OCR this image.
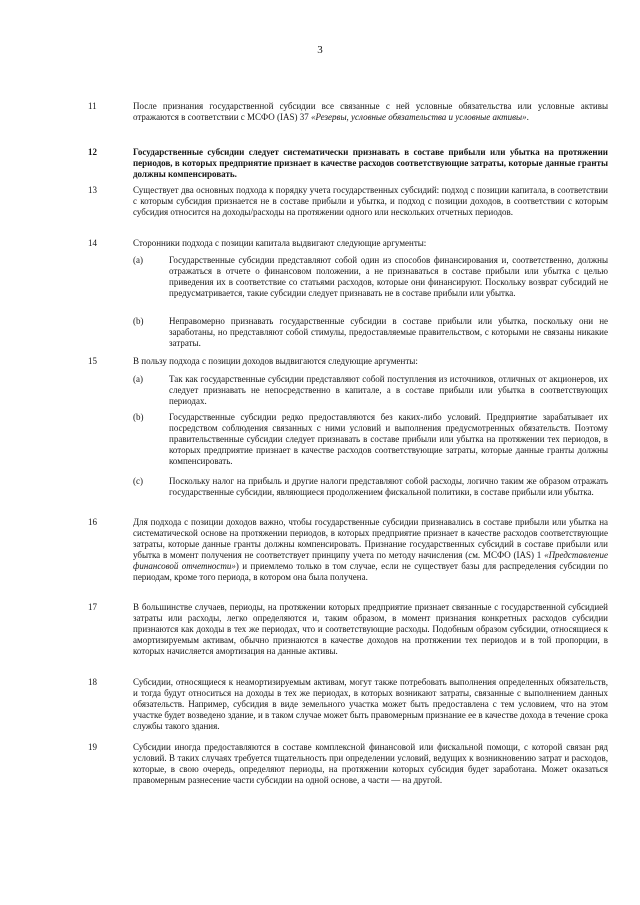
3
11	После признания государственной субсидии все связанные с ней условные обязательства или условные активы отражаются в соответствии с МСФО (IAS) 37 «Резервы, условные обязательства и условные активы».
12	Государственные субсидии следует систематически признавать в составе прибыли или убытка на протяжении периодов, в которых предприятие признает в качестве расходов соответствующие затраты, которые данные гранты должны компенсировать.
13	Существует два основных подхода к порядку учета государственных субсидий: подход с позиции капитала, в соответствии с которым субсидия признается не в составе прибыли и убытка, и подход с позиции доходов, в соответствии с которым субсидия относится на доходы/расходы на протяжении одного или нескольких отчетных периодов.
14	Сторонники подхода с позиции капитала выдвигают следующие аргументы:
(a)	Государственные субсидии представляют собой один из способов финансирования и, соответственно, должны отражаться в отчете о финансовом положении, а не признаваться в составе прибыли или убытка с целью приведения их в соответствие со статьями расходов, которые они финансируют. Поскольку возврат субсидий не предусматривается, такие субсидии следует признавать не в составе прибыли или убытка.
(b)	Неправомерно признавать государственные субсидии в составе прибыли или убытка, поскольку они не заработаны, но представляют собой стимулы, предоставляемые правительством, с которыми не связаны никакие затраты.
15	В пользу подхода с позиции доходов выдвигаются следующие аргументы:
(a)	Так как государственные субсидии представляют собой поступления из источников, отличных от акционеров, их следует признавать не непосредственно в капитале, а в составе прибыли или убытка в соответствующих периодах.
(b)	Государственные субсидии редко предоставляются без каких-либо условий. Предприятие зарабатывает их посредством соблюдения связанных с ними условий и выполнения предусмотренных обязательств. Поэтому правительственные субсидии следует признавать в составе прибыли или убытка на протяжении тех периодов, в которых предприятие признает в качестве расходов соответствующие затраты, которые данные гранты должны компенсировать.
(c)	Поскольку налог на прибыль и другие налоги представляют собой расходы, логично таким же образом отражать государственные субсидии, являющиеся продолжением фискальной политики, в составе прибыли или убытка.
16	Для подхода с позиции доходов важно, чтобы государственные субсидии признавались в составе прибыли или убытка на систематической основе на протяжении периодов, в которых предприятие признает в качестве расходов соответствующие затраты, которые данные гранты должны компенсировать. Признание государственных субсидий в составе прибыли или убытка в момент получения не соответствует принципу учета по методу начисления (см. МСФО (IAS) 1 «Представление финансовой отчетности») и приемлемо только в том случае, если не существует базы для распределения субсидии по периодам, кроме того периода, в котором она была получена.
17	В большинстве случаев, периоды, на протяжении которых предприятие признает связанные с государственной субсидией затраты или расходы, легко определяются и, таким образом, в момент признания конкретных расходов субсидии признаются как доходы в тех же периодах, что и соответствующие расходы. Подобным образом субсидии, относящиеся к амортизируемым активам, обычно признаются в качестве доходов на протяжении тех периодов и в той пропорции, в которых начисляется амортизация на данные активы.
18	Субсидии, относящиеся к неамортизируемым активам, могут также потребовать выполнения определенных обязательств, и тогда будут относиться на доходы в тех же периодах, в которых возникают затраты, связанные с выполнением данных обязательств. Например, субсидия в виде земельного участка может быть предоставлена с тем условием, что на этом участке будет возведено здание, и в таком случае может быть правомерным признание ее в качестве дохода в течение срока службы такого здания.
19	Субсидии иногда предоставляются в составе комплексной финансовой или фискальной помощи, с которой связан ряд условий. В таких случаях требуется тщательность при определении условий, ведущих к возникновению затрат и расходов, которые, в свою очередь, определяют периоды, на протяжении которых субсидия будет заработана. Может оказаться правомерным разнесение части субсидии на одной основе, а части — на другой.
